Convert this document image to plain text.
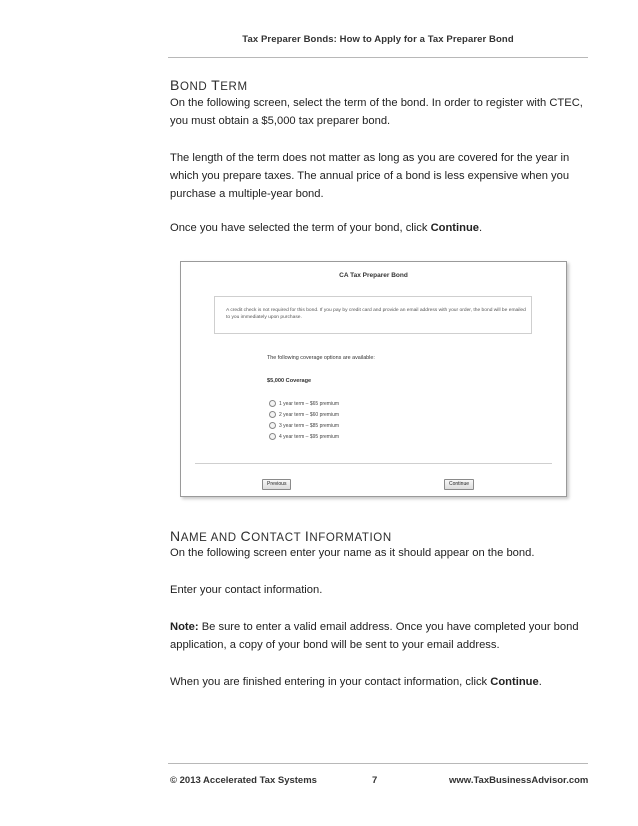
Tax Preparer Bonds: How to Apply for a Tax Preparer Bond
BOND TERM
On the following screen, select the term of the bond. In order to register with CTEC, you must obtain a $5,000 tax preparer bond.
The length of the term does not matter as long as you are covered for the year in which you prepare taxes. The annual price of a bond is less expensive when you purchase a multiple-year bond.
Once you have selected the term of your bond, click Continue.
CA Tax Preparer Bond
A credit check is not required for this bond. If you pay by credit card and provide an email address with your order, the bond will be emailed to you immediately upon purchase.
The following coverage options are available:
$5,000 Coverage
1 year term – $65 premium
2 year term – $60 premium
3 year term – $85 premium
4 year term – $95 premium
Previous	Continue
NAME AND CONTACT INFORMATION
On the following screen enter your name as it should appear on the bond.
Enter your contact information.
Note: Be sure to enter a valid email address. Once you have completed your bond application, a copy of your bond will be sent to your email address.
When you are finished entering in your contact information, click Continue.
© 2013 Accelerated Tax Systems	7	www.TaxBusinessAdvisor.com
